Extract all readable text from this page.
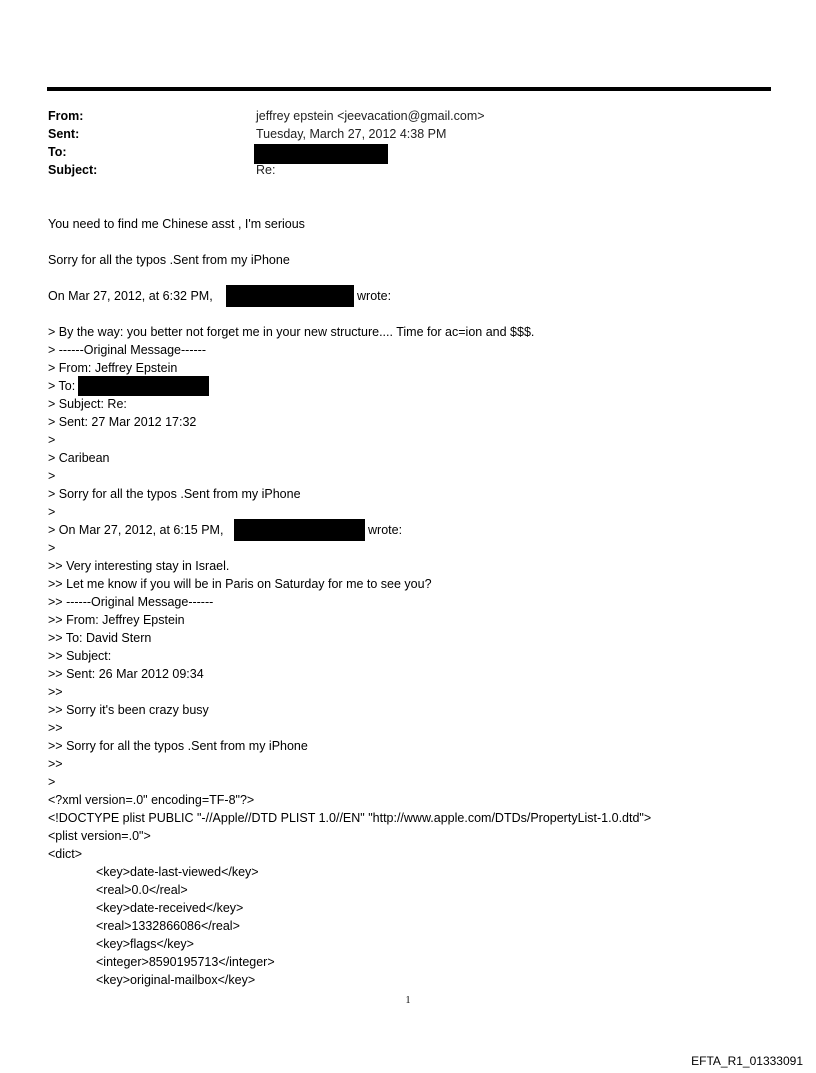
From:	jeffrey epstein <jeevacation@gmail.com>
Sent:	Tuesday, March 27, 2012 4:38 PM
To:
Subject:	Re:
You need to find me Chinese asst , I'm serious
Sorry for all the typos .Sent from my iPhone
On Mar 27, 2012, at 6:32 PM,	wrote:
> By the way: you better not forget me in your new structure.... Time for ac=ion and $$$.
> ------Original Message------
> From: Jeffrey Epstein
> To:
> Subject: Re:
> Sent: 27 Mar 2012 17:32
>
> Caribean
>
> Sorry for all the typos .Sent from my iPhone
>
> On Mar 27, 2012, at 6:15 PM,	wrote:
>
>> Very interesting stay in Israel.
>> Let me know if you will be in Paris on Saturday for me to see you?
>> ------Original Message------
>> From: Jeffrey Epstein
>> To: David Stern
>> Subject:
>> Sent: 26 Mar 2012 09:34
>>
>> Sorry it's been crazy busy
>>
>> Sorry for all the typos .Sent from my iPhone
>>
>
<?xml version=.0" encoding=TF-8"?>
<!DOCTYPE plist PUBLIC "-//Apple//DTD PLIST 1.0//EN" "http://www.apple.com/DTDs/PropertyList-1.0.dtd">
<plist version=.0">
<dict>
<key>date-last-viewed</key>
<real>0.0</real>
<key>date-received</key>
<real>1332866086</real>
<key>flags</key>
<integer>8590195713</integer>
<key>original-mailbox</key>
1
EFTA_R1_01333091
